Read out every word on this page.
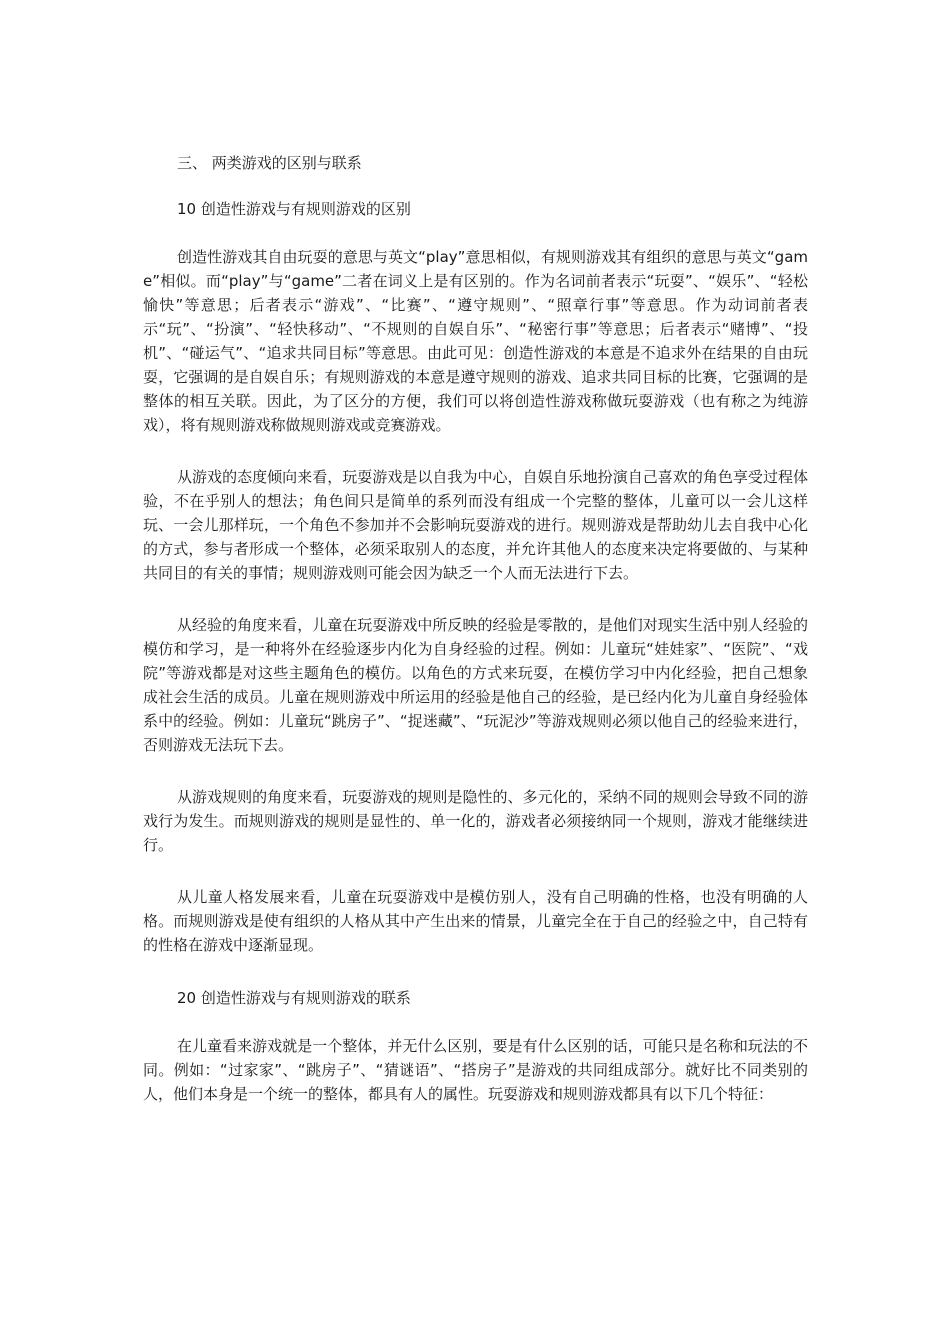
三、 两类游戏的区别与联系

10 创造性游戏与有规则游戏的区别

创造性游戏其自由玩耍的意思与英文“play”意思相似，有规则游戏其有组织的意思与英文“game”相似。而“play”与“game”二者在词义上是有区别的。作为名词前者表示“玩耍”、“娱乐”、“轻松愉快”等意思；后者表示“游戏”、“比赛”、“遵守规则”、“照章行事”等意思。作为动词前者表示“玩”、“扮演”、“轻快移动”、“不规则的自娱自乐”、“秘密行事”等意思；后者表示“赌博”、“投机”、“碰运气”、“追求共同目标”等意思。由此可见：创造性游戏的本意是不追求外在结果的自由玩耍，它强调的是自娱自乐；有规则游戏的本意是遵守规则的游戏、追求共同目标的比赛，它强调的是整体的相互关联。因此，为了区分的方便，我们可以将创造性游戏称做玩耍游戏（也有称之为纯游戏），将有规则游戏称做规则游戏或竞赛游戏。

从游戏的态度倾向来看，玩耍游戏是以自我为中心，自娱自乐地扮演自己喜欢的角色享受过程体验，不在乎别人的想法；角色间只是简单的系列而没有组成一个完整的整体，儿童可以一会儿这样玩、一会儿那样玩，一个角色不参加并不会影响玩耍游戏的进行。规则游戏是帮助幼儿去自我中心化的方式，参与者形成一个整体，必须采取别人的态度，并允许其他人的态度来决定将要做的、与某种共同目的有关的事情；规则游戏则可能会因为缺乏一个人而无法进行下去。

从经验的角度来看，儿童在玩耍游戏中所反映的经验是零散的，是他们对现实生活中别人经验的模仿和学习，是一种将外在经验逐步内化为自身经验的过程。例如：儿童玩“娃娃家”、“医院”、“戏院”等游戏都是对这些主题角色的模仿。以角色的方式来玩耍，在模仿学习中内化经验，把自己想象成社会生活的成员。儿童在规则游戏中所运用的经验是他自己的经验，是已经内化为儿童自身经验体系中的经验。例如：儿童玩“跳房子”、“捉迷藏”、“玩泥沙”等游戏规则必须以他自己的经验来进行，否则游戏无法玩下去。

从游戏规则的角度来看，玩耍游戏的规则是隐性的、多元化的，采纳不同的规则会导致不同的游戏行为发生。而规则游戏的规则是显性的、单一化的，游戏者必须接纳同一个规则，游戏才能继续进行。

从儿童人格发展来看，儿童在玩耍游戏中是模仿别人，没有自己明确的性格，也没有明确的人格。而规则游戏是使有组织的人格从其中产生出来的情景，儿童完全在于自己的经验之中，自己特有的性格在游戏中逐渐显现。

20 创造性游戏与有规则游戏的联系

在儿童看来游戏就是一个整体，并无什么区别，要是有什么区别的话，可能只是名称和玩法的不同。例如：“过家家”、“跳房子”、“猜谜语”、“搭房子”是游戏的共同组成部分。就好比不同类别的人，他们本身是一个统一的整体，都具有人的属性。玩耍游戏和规则游戏都具有以下几个特征：
